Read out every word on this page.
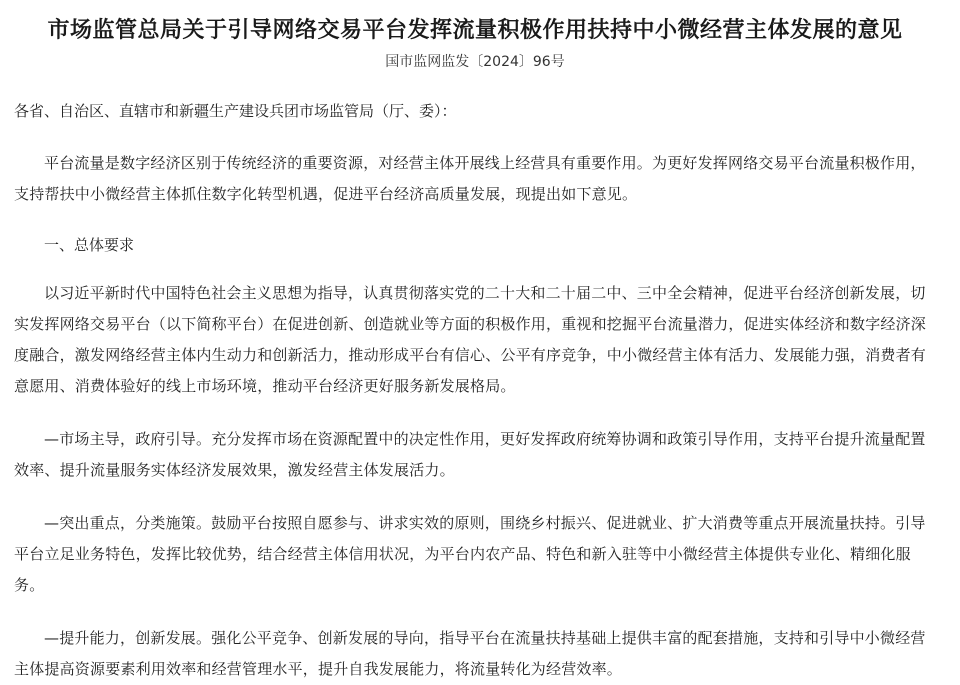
市场监管总局关于引导网络交易平台发挥流量积极作用扶持中小微经营主体发展的意见
国市监网监发〔2024〕96号

各省、自治区、直辖市和新疆生产建设兵团市场监管局（厅、委）：

平台流量是数字经济区别于传统经济的重要资源，对经营主体开展线上经营具有重要作用。为更好发挥网络交易平台流量积极作用，支持帮扶中小微经营主体抓住数字化转型机遇，促进平台经济高质量发展，现提出如下意见。

一、总体要求

以习近平新时代中国特色社会主义思想为指导，认真贯彻落实党的二十大和二十届二中、三中全会精神，促进平台经济创新发展，切实发挥网络交易平台（以下简称平台）在促进创新、创造就业等方面的积极作用，重视和挖掘平台流量潜力，促进实体经济和数字经济深度融合，激发网络经营主体内生动力和创新活力，推动形成平台有信心、公平有序竞争，中小微经营主体有活力、发展能力强，消费者有意愿用、消费体验好的线上市场环境，推动平台经济更好服务新发展格局。

—市场主导，政府引导。充分发挥市场在资源配置中的决定性作用，更好发挥政府统筹协调和政策引导作用，支持平台提升流量配置效率、提升流量服务实体经济发展效果，激发经营主体发展活力。

—突出重点，分类施策。鼓励平台按照自愿参与、讲求实效的原则，围绕乡村振兴、促进就业、扩大消费等重点开展流量扶持。引导平台立足业务特色，发挥比较优势，结合经营主体信用状况，为平台内农产品、特色和新入驻等中小微经营主体提供专业化、精细化服务。

—提升能力，创新发展。强化公平竞争、创新发展的导向，指导平台在流量扶持基础上提供丰富的配套措施，支持和引导中小微经营主体提高资源要素利用效率和经营管理水平，提升自我发展能力，将流量转化为经营效率。
